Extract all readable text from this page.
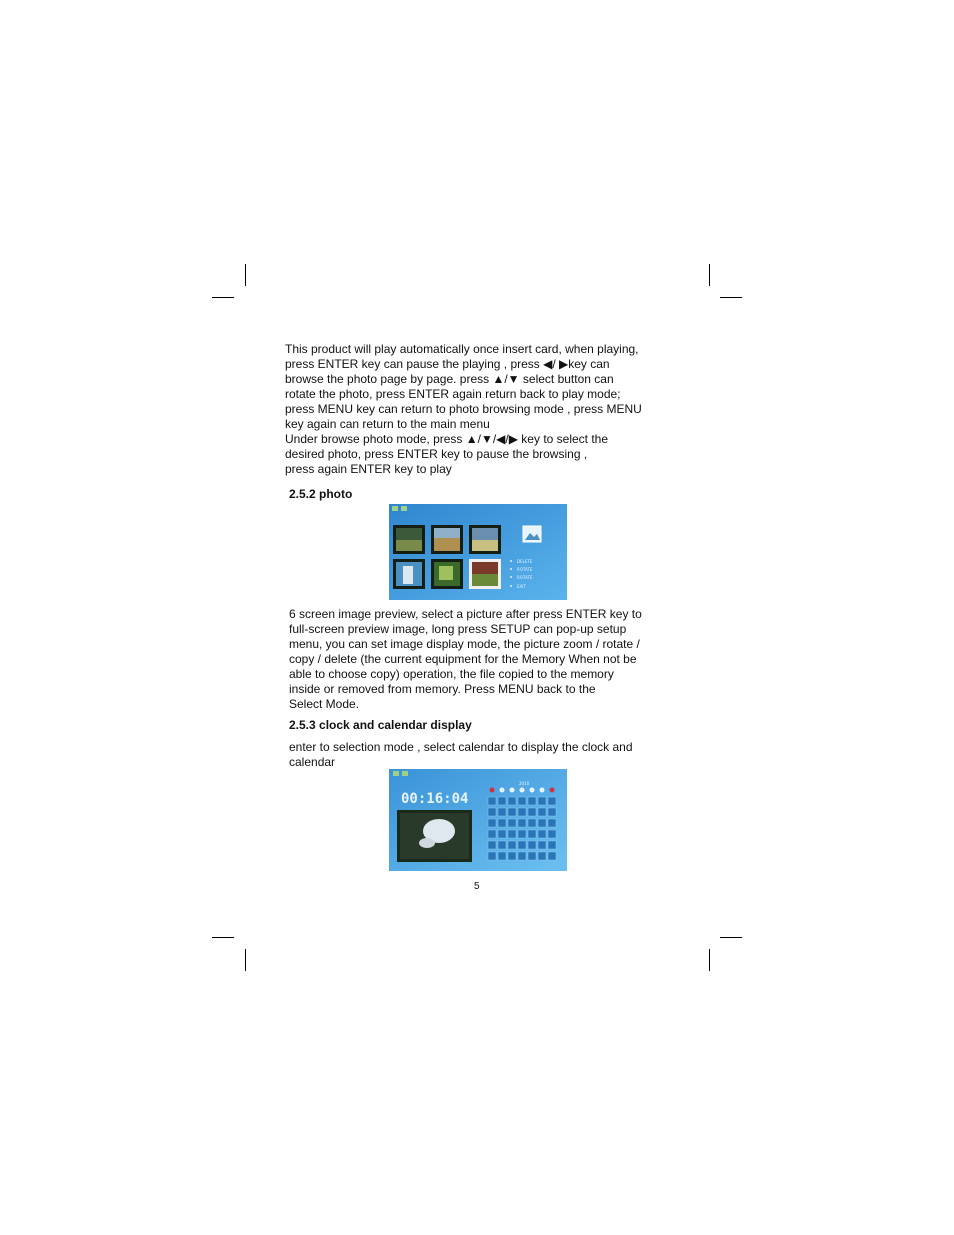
This product will play automatically once insert card, when playing,
press ENTER key can pause the playing , press ◀/ ▶key can
browse the photo page by page. press ▲/▼ select button can
rotate the photo, press ENTER again return back to play mode;
press MENU key can return to photo browsing mode , press MENU
key again can return to the main menu
Under browse photo mode, press ▲/▼/◀/▶ key to select the
desired photo, press ENTER key to pause the browsing ,
press again ENTER key to play
2.5.2 photo
DELETE
ROTATE
ROTATE
EXIT
6 screen image preview, select a picture after press ENTER key to
full-screen preview image, long press SETUP can pop-up setup
menu, you can set image display mode, the picture zoom / rotate /
copy / delete (the current equipment for the Memory When not be
able to choose copy) operation, the file copied to the memory
inside or removed from memory. Press MENU back to the
Select Mode.
2.5.3 clock and calendar display
enter to selection mode , select calendar to display the clock and
calendar
00:16:04
2010
5
